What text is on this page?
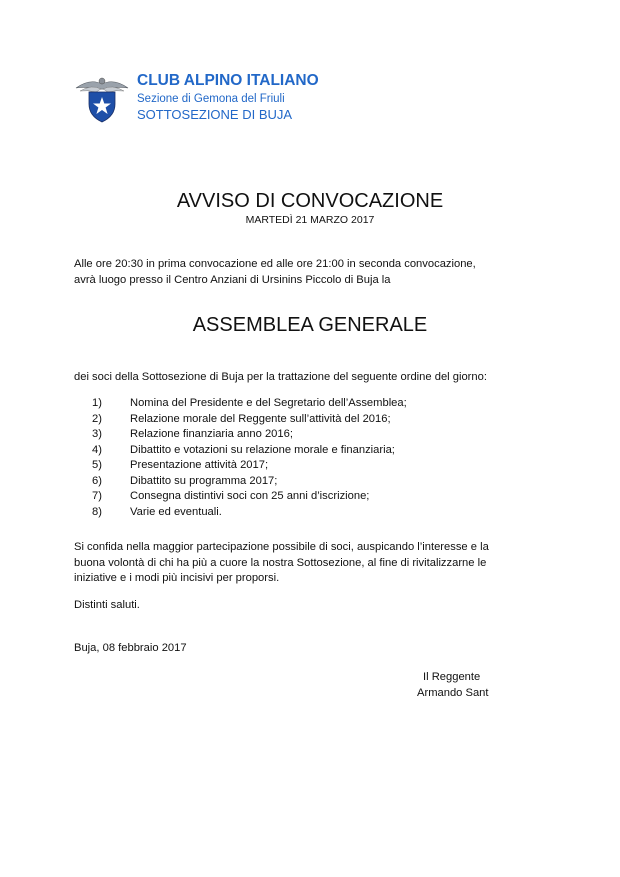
CLUB ALPINO ITALIANO
Sezione di Gemona del Friuli
SOTTOSEZIONE DI BUJA
AVVISO DI CONVOCAZIONE
MARTEDÌ 21 MARZO 2017
Alle ore 20:30 in prima convocazione ed alle ore 21:00 in seconda convocazione,
avrà luogo presso il Centro Anziani di Ursinins Piccolo di Buja la
ASSEMBLEA GENERALE
dei soci della Sottosezione di Buja per la trattazione del seguente ordine del giorno:
1)	Nomina del Presidente e del Segretario dell’Assemblea;
2)	Relazione morale del Reggente sull’attività del 2016;
3)	Relazione finanziaria anno 2016;
4)	Dibattito e votazioni su relazione morale e finanziaria;
5)	Presentazione attività 2017;
6)	Dibattito su programma 2017;
7)	Consegna distintivi soci con 25 anni d’iscrizione;
8)	Varie ed eventuali.
Si confida nella maggior partecipazione possibile di soci, auspicando l’interesse e la
buona volontà di chi ha più a cuore la nostra Sottosezione, al fine di rivitalizzarne le
iniziative e i modi più incisivi per proporsi.
Distinti saluti.
Buja, 08 febbraio 2017
Il Reggente
Armando Sant
